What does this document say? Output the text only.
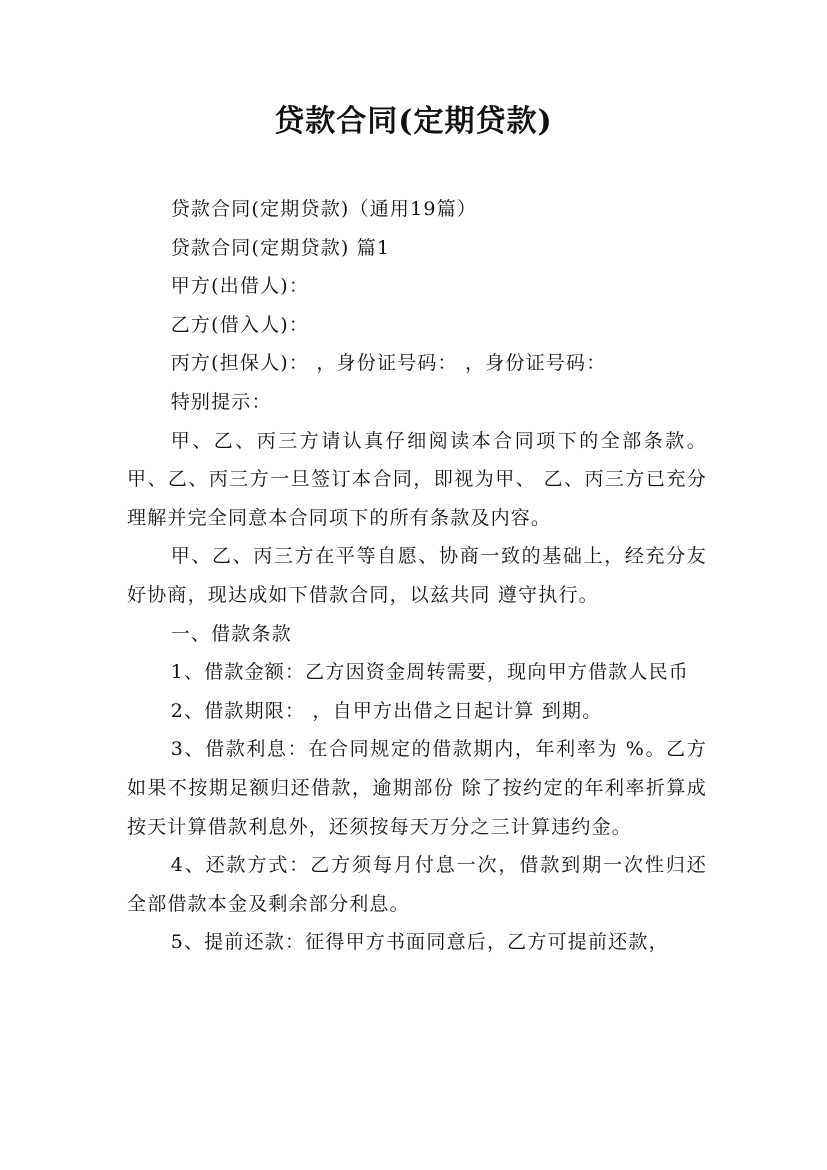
贷款合同(定期贷款)

贷款合同(定期贷款)（通用19篇）

贷款合同(定期贷款) 篇1

甲方(出借人)：

乙方(借入人)：

丙方(担保人)： ，身份证号码： ，身份证号码：

特别提示：

甲、乙、丙三方请认真仔细阅读本合同项下的全部条款。甲、乙、丙三方一旦签订本合同，即视为甲、 乙、丙三方已充分理解并完全同意本合同项下的所有条款及内容。

甲、乙、丙三方在平等自愿、协商一致的基础上，经充分友好协商，现达成如下借款合同，以兹共同 遵守执行。

一、借款条款

1、借款金额：乙方因资金周转需要，现向甲方借款人民币

2、借款期限： ，自甲方出借之日起计算 到期。

3、借款利息：在合同规定的借款期内，年利率为 %。乙方如果不按期足额归还借款，逾期部份 除了按约定的年利率折算成按天计算借款利息外，还须按每天万分之三计算违约金。

4、还款方式：乙方须每月付息一次，借款到期一次性归还全部借款本金及剩余部分利息。

5、提前还款：征得甲方书面同意后，乙方可提前还款，
